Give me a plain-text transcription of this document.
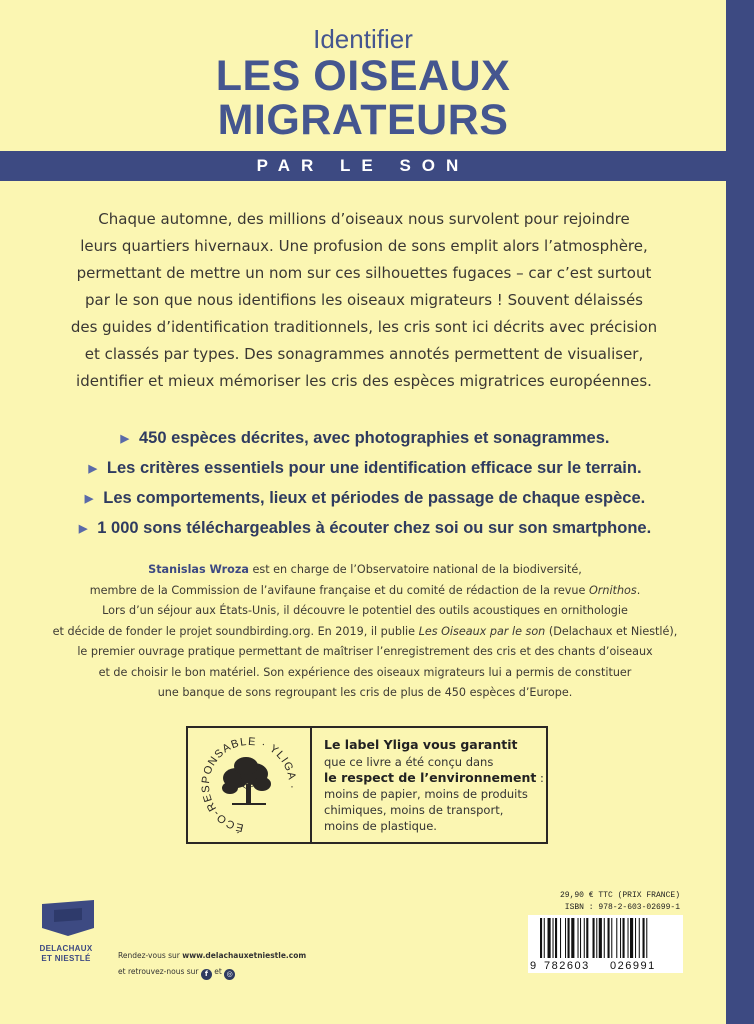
Identifier
LES OISEAUX
MIGRATEURS
PAR LE SON

Chaque automne, des millions d’oiseaux nous survolent pour rejoindre
leurs quartiers hivernaux. Une profusion de sons emplit alors l’atmosphère,
permettant de mettre un nom sur ces silhouettes fugaces – car c’est surtout
par le son que nous identifions les oiseaux migrateurs ! Souvent délaissés
des guides d’identification traditionnels, les cris sont ici décrits avec précision
et classés par types. Des sonagrammes annotés permettent de visualiser,
identifier et mieux mémoriser les cris des espèces migratrices européennes.

▶ 450 espèces décrites, avec photographies et sonagrammes.
▶ Les critères essentiels pour une identification efficace sur le terrain.
▶ Les comportements, lieux et périodes de passage de chaque espèce.
▶ 1 000 sons téléchargeables à écouter chez soi ou sur son smartphone.

Stanislas Wroza est en charge de l’Observatoire national de la biodiversité,
membre de la Commission de l’avifaune française et du comité de rédaction de la revue Ornithos.
Lors d’un séjour aux États-Unis, il découvre le potentiel des outils acoustiques en ornithologie
et décide de fonder le projet soundbirding.org. En 2019, il publie Les Oiseaux par le son (Delachaux et Niestlé),
le premier ouvrage pratique permettant de maîtriser l’enregistrement des cris et des chants d’oiseaux
et de choisir le bon matériel. Son expérience des oiseaux migrateurs lui a permis de constituer
une banque de sons regroupant les cris de plus de 450 espèces d’Europe.

ÉCO-RESPONSABLE · YLIGA ·
Le label Yliga vous garantit
que ce livre a été conçu dans
le respect de l’environnement :
moins de papier, moins de produits
chimiques, moins de transport,
moins de plastique.
29,90 € TTC (PRIX FRANCE)
ISBN : 978-2-603-02699-1
9 782603 026991
DELACHAUX
ET NIESTLÉ	Rendez-vous sur www.delachauxetniestle.com
et retrouvez-nous sur f et ◎
